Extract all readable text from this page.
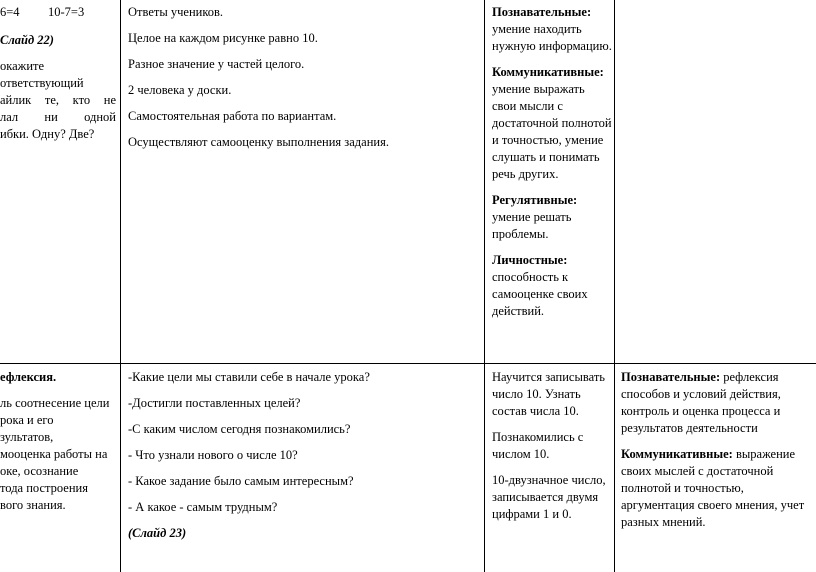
6=4 10-7=3
Слайд 22)
окажите
ответствующий
айлик те, кто не
лал ни одной
ибки. Одну? Две?

Ответы учеников.

Целое на каждом рисунке равно 10.

Разное значение у частей целого.

2 человека у доски.

Самостоятельная работа по вариантам.

Осуществляют самооценку выполнения задания.

Познавательные:
умение находить нужную информацию.

Коммуникативные:
умение выражать свои мысли с достаточной полнотой и точностью, умение слушать и понимать речь других.

Регулятивные:
умение решать проблемы.

Личностные:
способность к самооценке своих действий.

ефлексия.
ль соотнесение цели
рока и его
зультатов,
мооценка работы на
оке, осознание
тода построения
вого знания.

-Какие цели мы ставили себе в начале урока?

-Достигли поставленных целей?

-С каким числом сегодня познакомились?

- Что узнали нового о числе 10?

- Какое задание было самым интересным?

- А какое - самым трудным?

(Слайд 23)

Научится записывать число 10. Узнать состав числа 10.

Познакомились с числом 10.

10-двузначное число, записывается двумя цифрами 1 и 0.

Познавательные: рефлексия способов и условий действия, контроль и оценка процесса и результатов деятельности

Коммуникативные: выражение своих мыслей с достаточной полнотой и точностью, аргументация своего мнения, учет разных мнений.
